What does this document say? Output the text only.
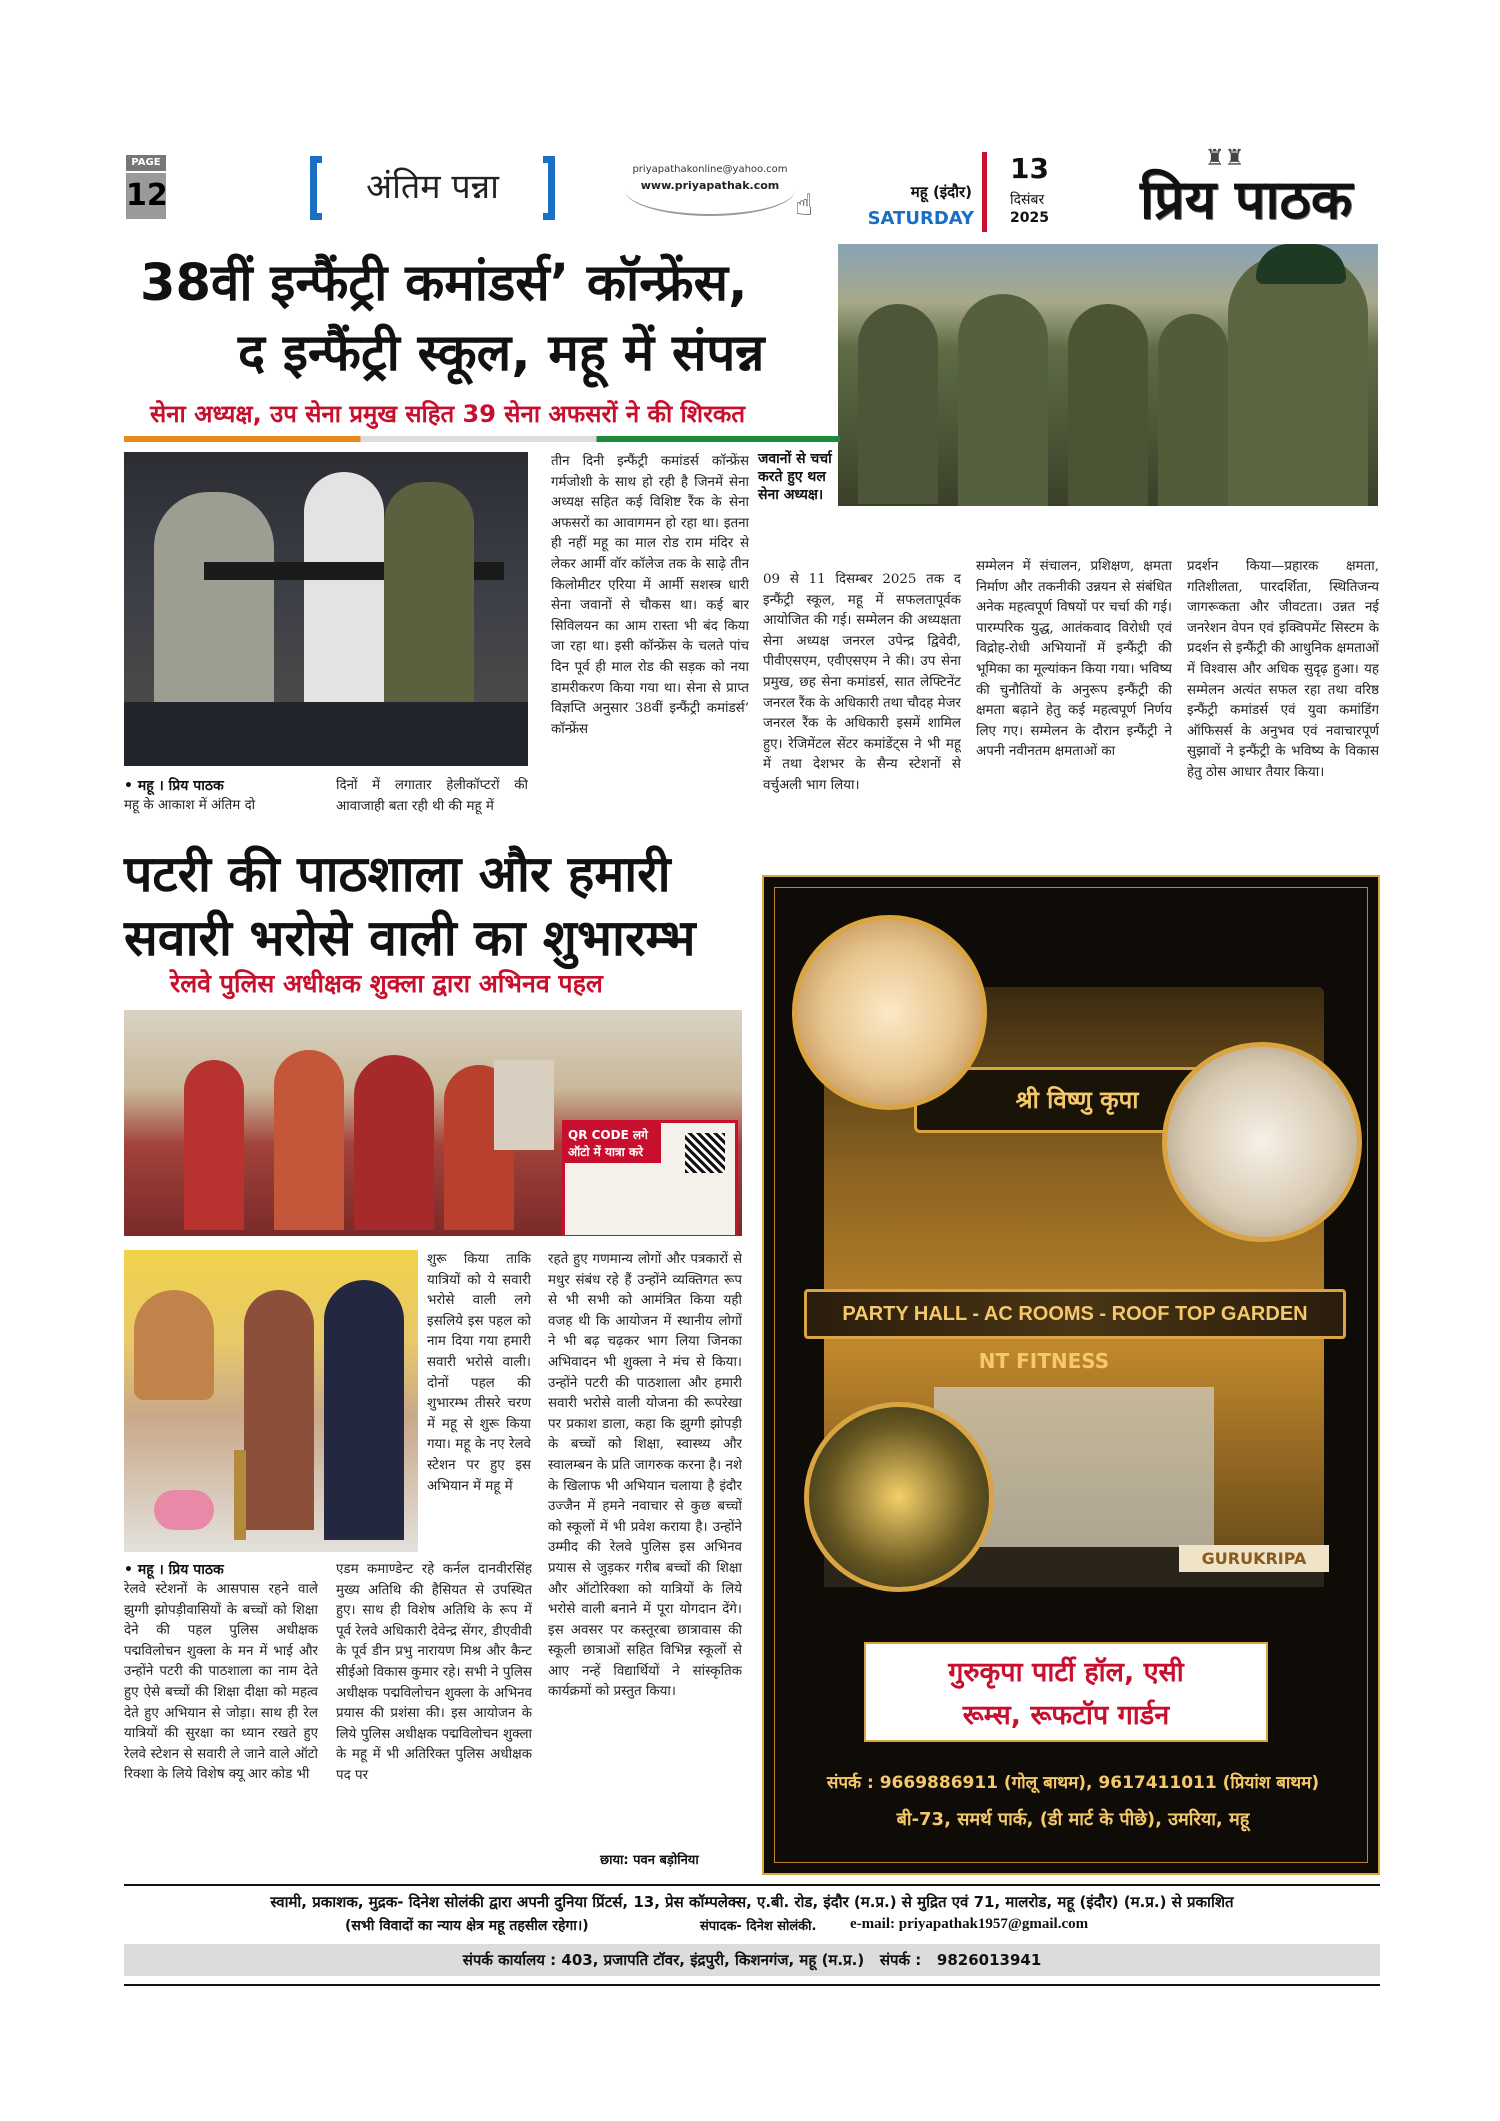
PAGE
12	अंतिम पन्ना	priyapathakonline@yahoo.com
www.priyapathak.com
☝	महू (इंदौर)
SATURDAY
13
दिसंबर
2025 प्रिय पाठक
♜♜
38वीं इन्फैंट्री कमांडर्स’ कॉन्फ्रेंस,
द इन्फैंट्री स्कूल, महू में संपन्न
सेना अध्यक्ष, उप सेना प्रमुख सहित 39 सेना अफसरों ने की शिरकत
जवानों से चर्चा करते हुए थल सेना अध्यक्ष।
• महू । प्रिय पाठक
महू के आकाश में अंतिम दो
दिनों में लगातार हेलीकॉप्टरों की आवाजाही बता रही थी की महू में
तीन दिनी इन्फैंट्री कमांडर्स कॉन्फ्रेंस गर्मजोशी के साथ हो रही है जिनमें सेना अध्यक्ष सहित कई विशिष्ट रैंक के सेना अफसरों का आवागमन हो रहा था। इतना ही नहीं महू का माल रोड राम मंदिर से लेकर आर्मी वॉर कॉलेज तक के साढ़े तीन किलोमीटर एरिया में आर्मी सशस्त्र धारी सेना जवानों से चौकस था। कई बार सिविलयन का आम रास्ता भी बंद किया जा रहा था। इसी कॉन्फ्रेंस के चलते पांच दिन पूर्व ही माल रोड की सड़क को नया डामरीकरण किया गया था। सेना से प्राप्त विज्ञप्ति अनुसार 38वीं इन्फैंट्री कमांडर्स’ कॉन्फ्रेंस
09 से 11 दिसम्बर 2025 तक द इन्फैंट्री स्कूल, महू में सफलतापूर्वक आयोजित की गई। सम्मेलन की अध्यक्षता सेना अध्यक्ष जनरल उपेन्द्र द्विवेदी, पीवीएसएम, एवीएसएम ने की। उप सेना प्रमुख, छह सेना कमांडर्स, सात लेफ्टिनेंट जनरल रैंक के अधिकारी तथा चौदह मेजर जनरल रैंक के अधिकारी इसमें शामिल हुए। रेजिमेंटल सेंटर कमांडेंट्स ने भी महू में तथा देशभर के सैन्य स्टेशनों से वर्चुअली भाग लिया।
सम्मेलन में संचालन, प्रशिक्षण, क्षमता निर्माण और तकनीकी उन्नयन से संबंधित अनेक महत्वपूर्ण विषयों पर चर्चा की गई। पारम्परिक युद्ध, आतंकवाद विरोधी एवं विद्रोह-रोधी अभियानों में इन्फैंट्री की भूमिका का मूल्यांकन किया गया। भविष्य की चुनौतियों के अनुरूप इन्फैंट्री की क्षमता बढ़ाने हेतु कई महत्वपूर्ण निर्णय लिए गए। सम्मेलन के दौरान इन्फैंट्री ने अपनी नवीनतम क्षमताओं का
प्रदर्शन किया—प्रहारक क्षमता, गतिशीलता, पारदर्शिता, स्थितिजन्य जागरूकता और जीवटता। उन्नत नई जनरेशन वेपन एवं इक्विपमेंट सिस्टम के प्रदर्शन से इन्फैंट्री की आधुनिक क्षमताओं में विश्वास और अधिक सुदृढ़ हुआ। यह सम्मेलन अत्यंत सफल रहा तथा वरिष्ठ इन्फैंट्री कमांडर्स एवं युवा कमांडिंग ऑफिसर्स के अनुभव एवं नवाचारपूर्ण सुझावों ने इन्फैंट्री के भविष्य के विकास हेतु ठोस आधार तैयार किया।
पटरी की पाठशाला और हमारी
सवारी भरोसे वाली का शुभारम्भ
रेलवे पुलिस अधीक्षक शुक्ला द्वारा अभिनव पहल
QR CODE लगे ऑटो में यात्रा करे
• महू । प्रिय पाठक
रेलवे स्टेशनों के आसपास रहने वाले झुग्गी झोपड़ीवासियों के बच्चों को शिक्षा देने की पहल पुलिस अधीक्षक पद्मविलोचन शुक्ला के मन में भाई और उन्होंने पटरी की पाठशाला का नाम देते हुए ऐसे बच्चों की शिक्षा दीक्षा को महत्व देते हुए अभियान से जोड़ा। साथ ही रेल यात्रियों की सुरक्षा का ध्यान रखते हुए रेलवे स्टेशन से सवारी ले जाने वाले ऑटो रिक्शा के लिये विशेष क्यू आर कोड भी
शुरू किया ताकि यात्रियों को ये सवारी भरोसे वाली लगे इसलिये इस पहल को नाम दिया गया हमारी सवारी भरोसे वाली। दोनों पहल की शुभारम्भ तीसरे चरण में महू से शुरू किया गया। महू के नए रेलवे स्टेशन पर हुए इस अभियान में महू में
एडम कमाण्डेन्ट रहे कर्नल दानवीरसिंह मुख्य अतिथि की हैसियत से उपस्थित हुए। साथ ही विशेष अतिथि के रूप में पूर्व रेलवे अधिकारी देवेन्द्र सेंगर, डीएवीवी के पूर्व डीन प्रभु नारायण मिश्र और कैन्ट सीईओ विकास कुमार रहे। सभी ने पुलिस अधीक्षक पद्मविलोचन शुक्ला के अभिनव प्रयास की प्रशंसा की। इस आयोजन के लिये पुलिस अधीक्षक पद्मविलोचन शुक्ला के महू में भी अतिरिक्त पुलिस अधीक्षक पद पर
रहते हुए गणमान्य लोगों और पत्रकारों से मधुर संबंध रहे हैं उन्होंने व्यक्तिगत रूप से भी सभी को आमंत्रित किया यही वजह थी कि आयोजन में स्थानीय लोगों ने भी बढ़ चढ़कर भाग लिया जिनका अभिवादन भी शुक्ला ने मंच से किया। उन्होंने पटरी की पाठशाला और हमारी सवारी भरोसे वाली योजना की रूपरेखा पर प्रकाश डाला, कहा कि झुग्गी झोपड़ी के बच्चों को शिक्षा, स्वास्थ्य और स्वालम्बन के प्रति जागरुक करना है। नशे के खिलाफ भी अभियान चलाया है इंदौर उज्जैन में हमने नवाचार से कुछ बच्चों को स्कूलों में भी प्रवेश कराया है। उन्होंने उम्मीद की रेलवे पुलिस इस अभिनव प्रयास से जुड़कर गरीब बच्चों की शिक्षा और ऑटोरिक्शा को यात्रियों के लिये भरोसे वाली बनाने में पूरा योगदान देंगे। इस अवसर पर कस्तूरबा छात्रावास की स्कूली छात्राओं सहित विभिन्न स्कूलों से आए नन्हें विद्यार्थियों ने सांस्कृतिक कार्यक्रमों को प्रस्तुत किया।
छाया: पवन बड़ोनिया
श्री विष्णु कृपा
PARTY HALL - AC ROOMS - ROOF TOP GARDEN
NT FITNESS
GURUKRIPA
गुरुकृपा पार्टी हॉल, एसी
रूम्स, रूफटॉप गार्डन
संपर्क : 9669886911 (गोलू बाथम), 9617411011 (प्रियांश बाथम)
बी-73, समर्थ पार्क, (डी मार्ट के पीछे), उमरिया, महू
स्वामी, प्रकाशक, मुद्रक- दिनेश सोलंकी द्वारा अपनी दुनिया प्रिंटर्स, 13, प्रेस कॉम्पलेक्स, ए.बी. रोड, इंदौर (म.प्र.) से मुद्रित एवं 71, मालरोड, महू (इंदौर) (म.प्र.) से प्रकाशित
(सभी विवादों का न्याय क्षेत्र महू तहसील रहेगा।)	संपादक- दिनेश सोलंकी. e-mail: priyapathak1957@gmail.com
संपर्क कार्यालय : 403, प्रजापति टॉवर, इंद्रपुरी, किशनगंज, महू (म.प्र.)   संपर्क :   9826013941
